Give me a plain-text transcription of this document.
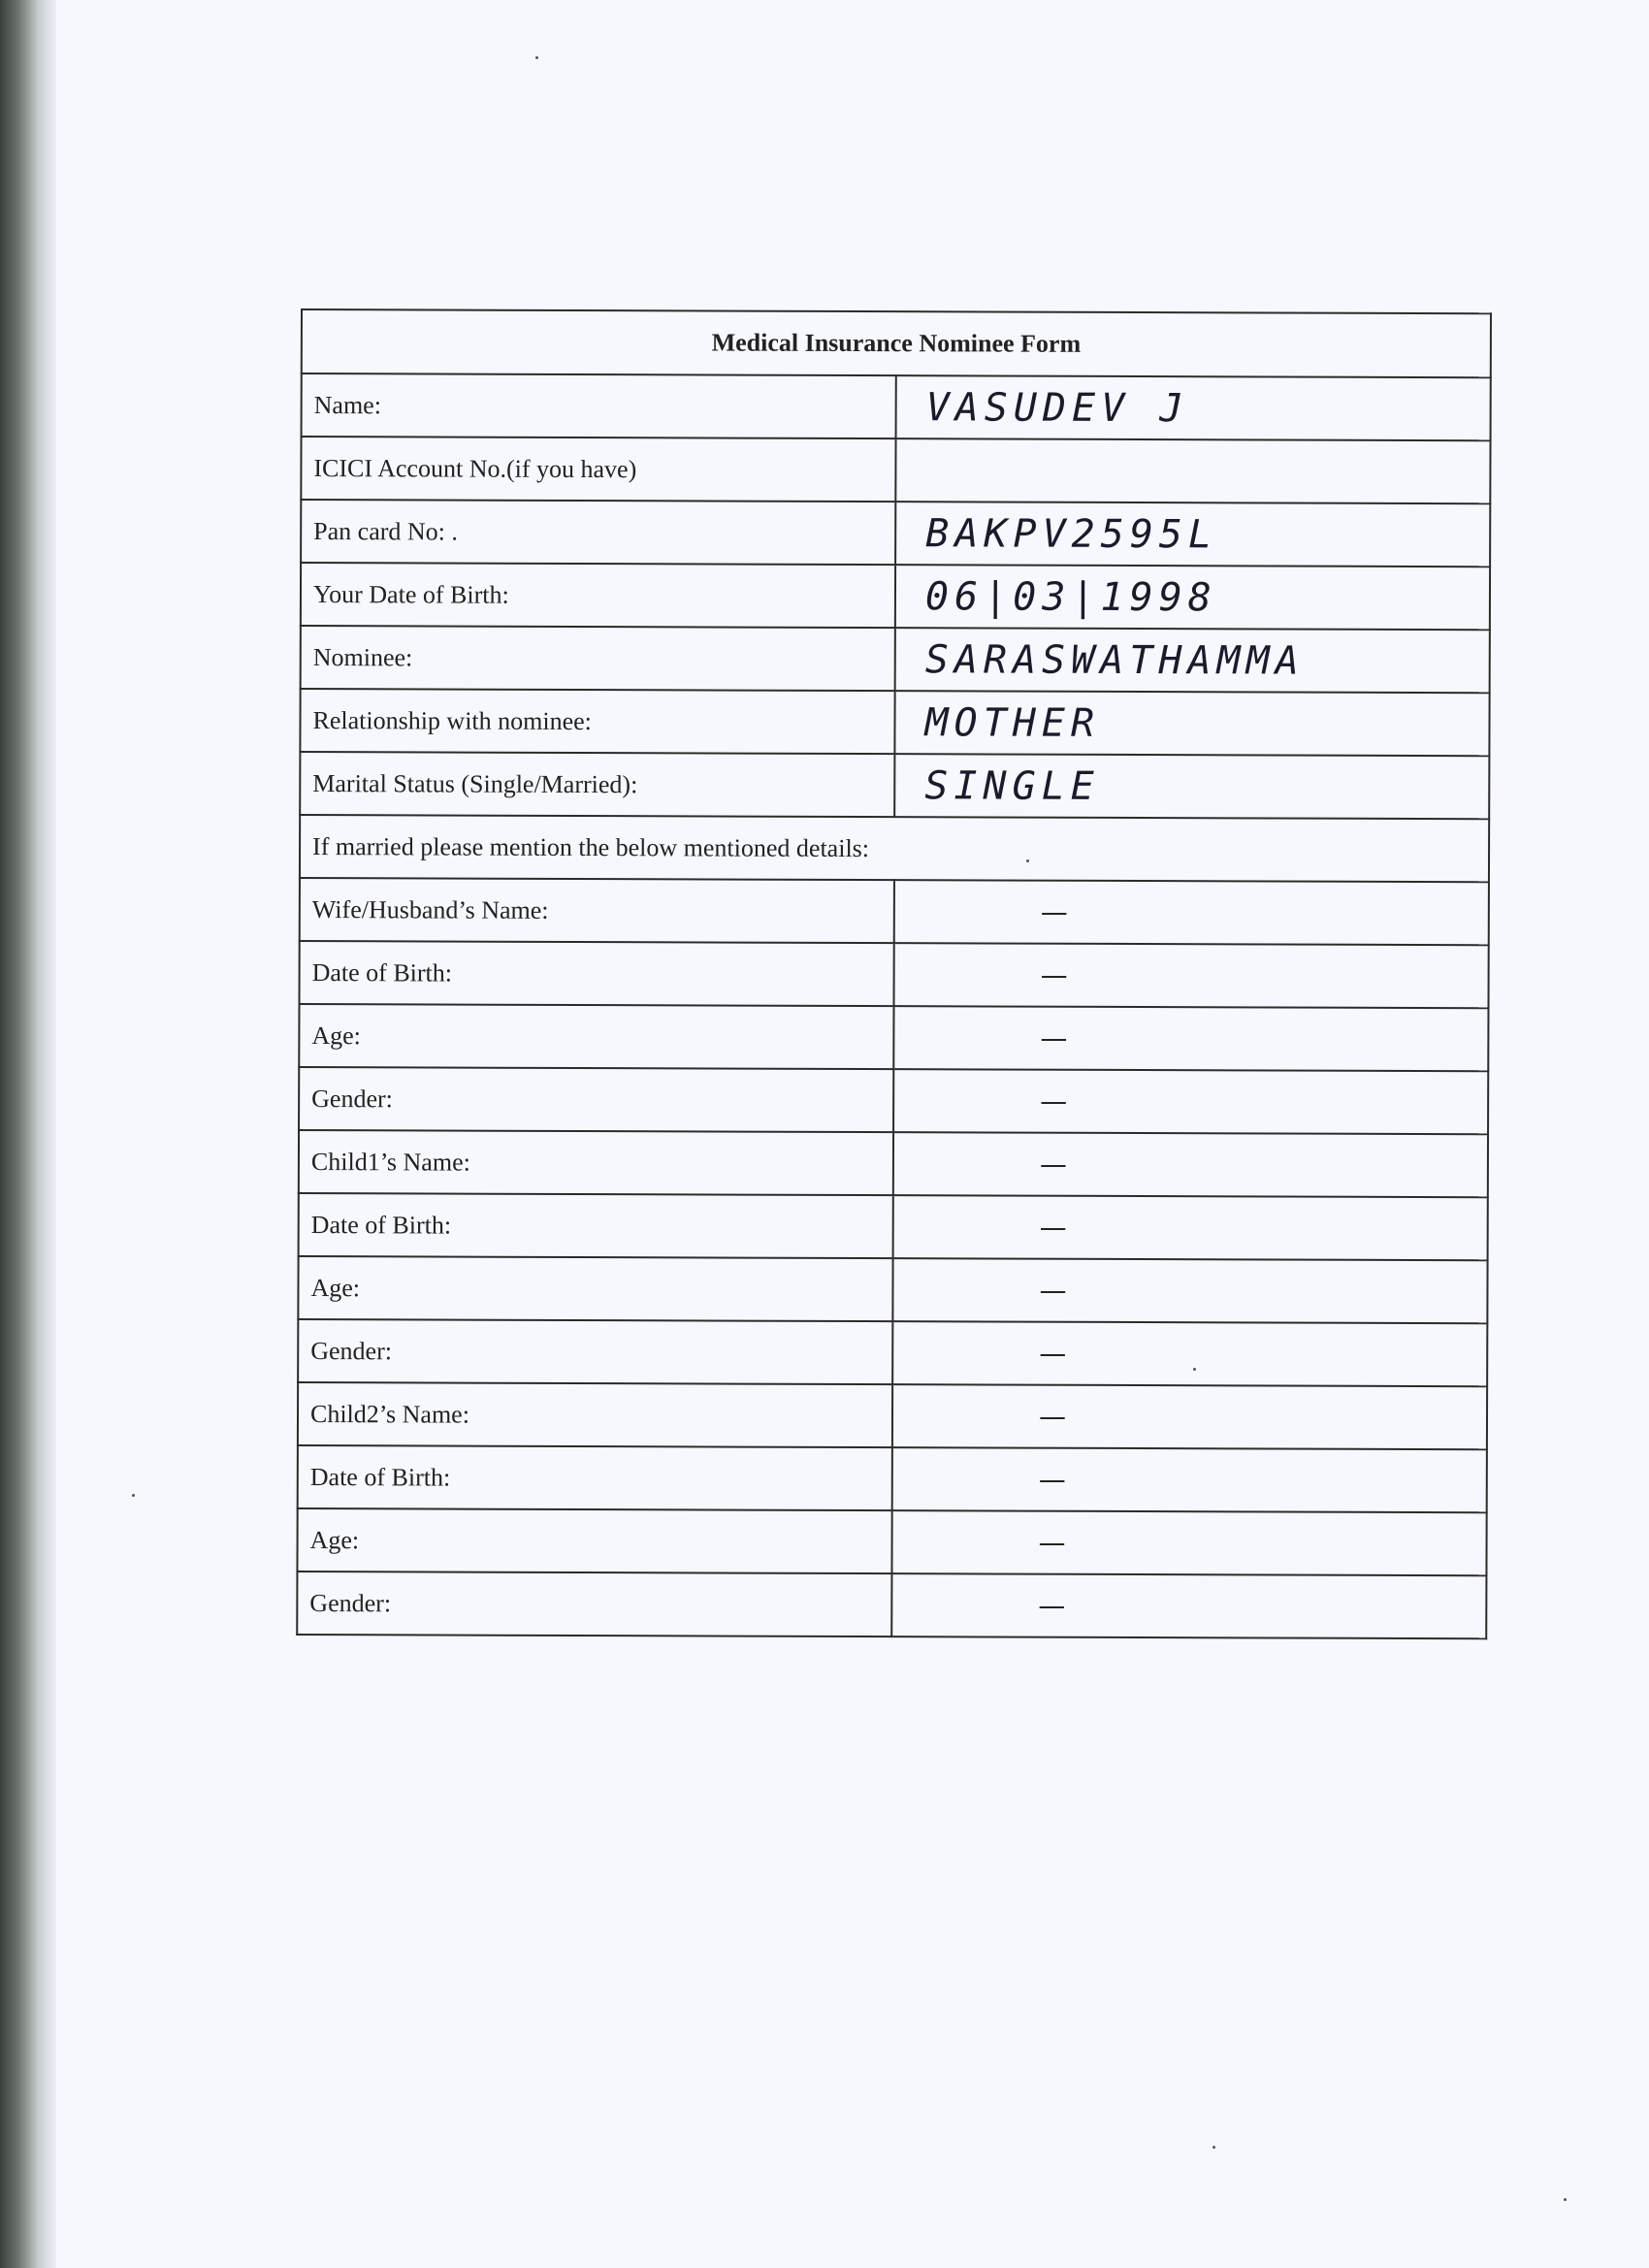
Medical Insurance Nominee Form	
Name:	VASUDEV J
ICICI Account No.(if you have)	
Pan card No: .	BAKPV2595L
Your Date of Birth:	06|03|1998
Nominee:	SARASWATHAMMA
Relationship with nominee:	MOTHER
Marital Status (Single/Married):	SINGLE
If married please mention the below mentioned details:	
Wife/Husband’s Name:	—
Date of Birth:	—
Age:	—
Gender:	—
Child1’s Name:	—
Date of Birth:	—
Age:	—
Gender:	—
Child2’s Name:	—
Date of Birth:	—
Age:	—
Gender:	—
